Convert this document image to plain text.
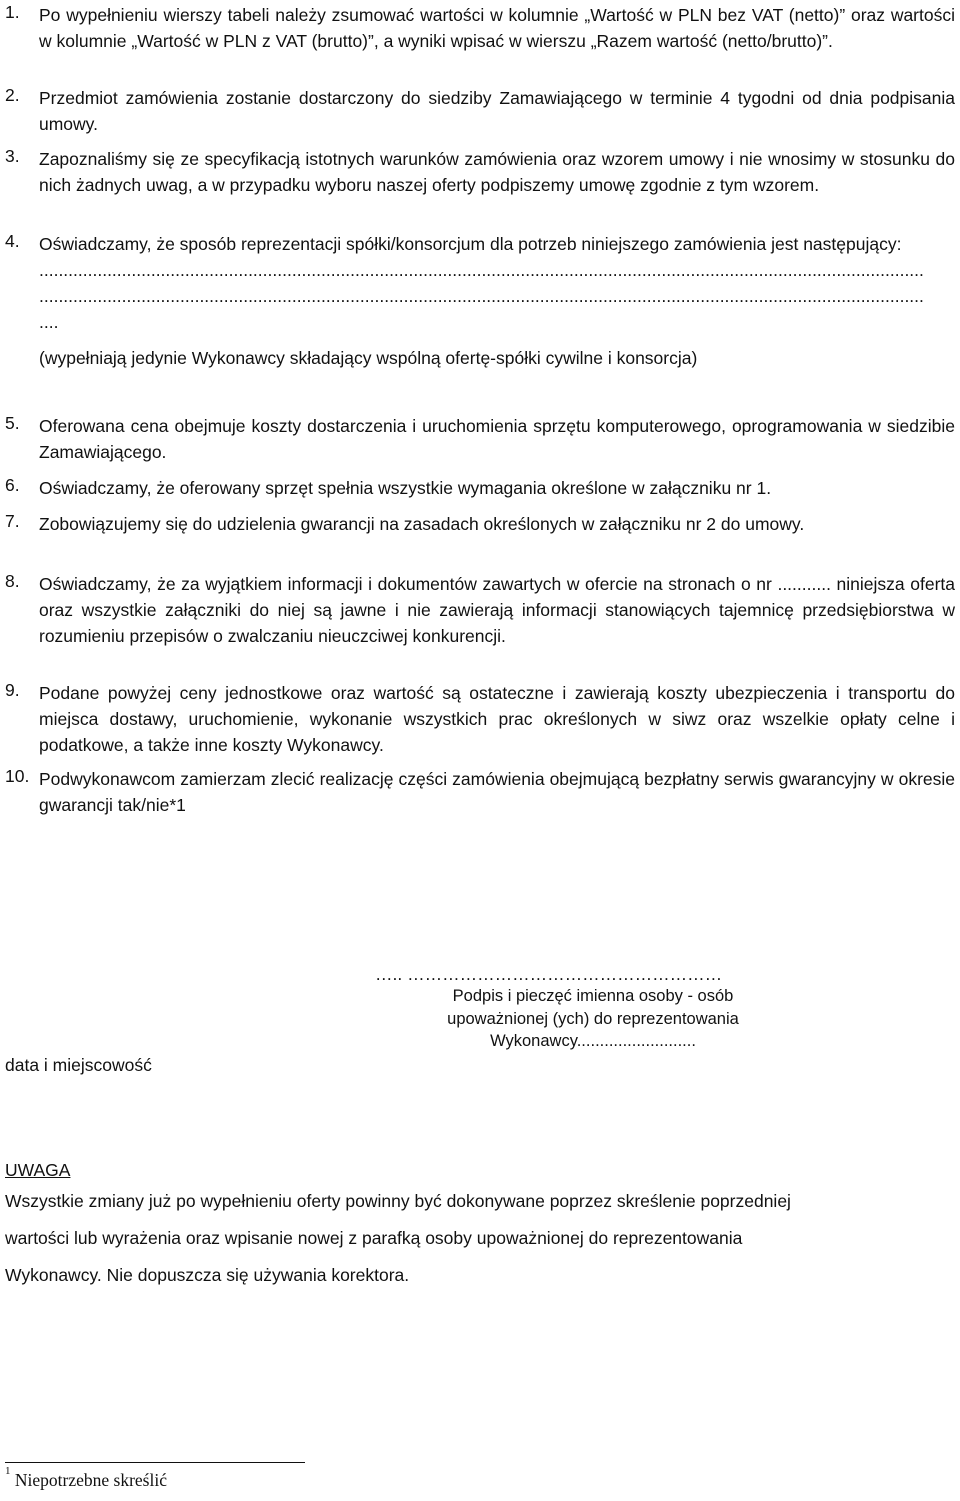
1. Po wypełnieniu wierszy tabeli należy zsumować wartości w kolumnie „Wartość w PLN bez VAT (netto)” oraz wartości w kolumnie „Wartość w PLN z VAT (brutto)”, a wyniki wpisać w wierszu „Razem wartość (netto/brutto)”.
2. Przedmiot zamówienia zostanie dostarczony do siedziby Zamawiającego w terminie 4 tygodni od dnia podpisania umowy.
3. Zapoznaliśmy się ze specyfikacją istotnych warunków zamówienia oraz wzorem umowy i nie wnosimy w stosunku do nich żadnych uwag, a w przypadku wyboru naszej oferty podpiszemy umowę zgodnie z tym wzorem.
4. Oświadczamy, że sposób reprezentacji spółki/konsorcjum dla potrzeb niniejszego zamówienia jest następujący:
......................................................................................................................................................................................
......................................................................................................................................................................................
....
(wypełniają jedynie Wykonawcy składający wspólną ofertę-spółki cywilne i konsorcja)
5. Oferowana cena obejmuje koszty dostarczenia i uruchomienia sprzętu komputerowego, oprogramowania w siedzibie Zamawiającego.
6. Oświadczamy, że oferowany sprzęt spełnia wszystkie wymagania określone w załączniku nr 1.
7. Zobowiązujemy się do udzielenia gwarancji na zasadach określonych w załączniku nr 2 do umowy.
8. Oświadczamy, że za wyjątkiem informacji i dokumentów zawartych w ofercie na stronach o nr ........... niniejsza oferta oraz wszystkie załączniki do niej są jawne i nie zawierają informacji stanowiących tajemnicę przedsiębiorstwa w rozumieniu przepisów o zwalczaniu nieuczciwej konkurencji.
9. Podane powyżej ceny jednostkowe oraz wartość są ostateczne i zawierają koszty ubezpieczenia i transportu do miejsca dostawy, uruchomienie, wykonanie wszystkich prac określonych w siwz oraz wszelkie opłaty celne i podatkowe, a także inne koszty Wykonawcy.
10. Podwykonawcom zamierzam zlecić realizację części zamówienia obejmującą bezpłatny serwis gwarancyjny w okresie gwarancji tak/nie*1
….. ………………………………………………
Podpis i pieczęć imienna osoby - osób
upoważnionej (ych) do reprezentowania
Wykonawcy..........................
data i miejscowość
UWAGA
Wszystkie zmiany już po wypełnieniu oferty powinny być dokonywane poprzez skreślenie poprzedniej
wartości lub wyrażenia oraz wpisanie nowej z parafką osoby upoważnionej do reprezentowania
Wykonawcy. Nie dopuszcza się używania korektora.
$^1$ Niepotrzebne skreślić
